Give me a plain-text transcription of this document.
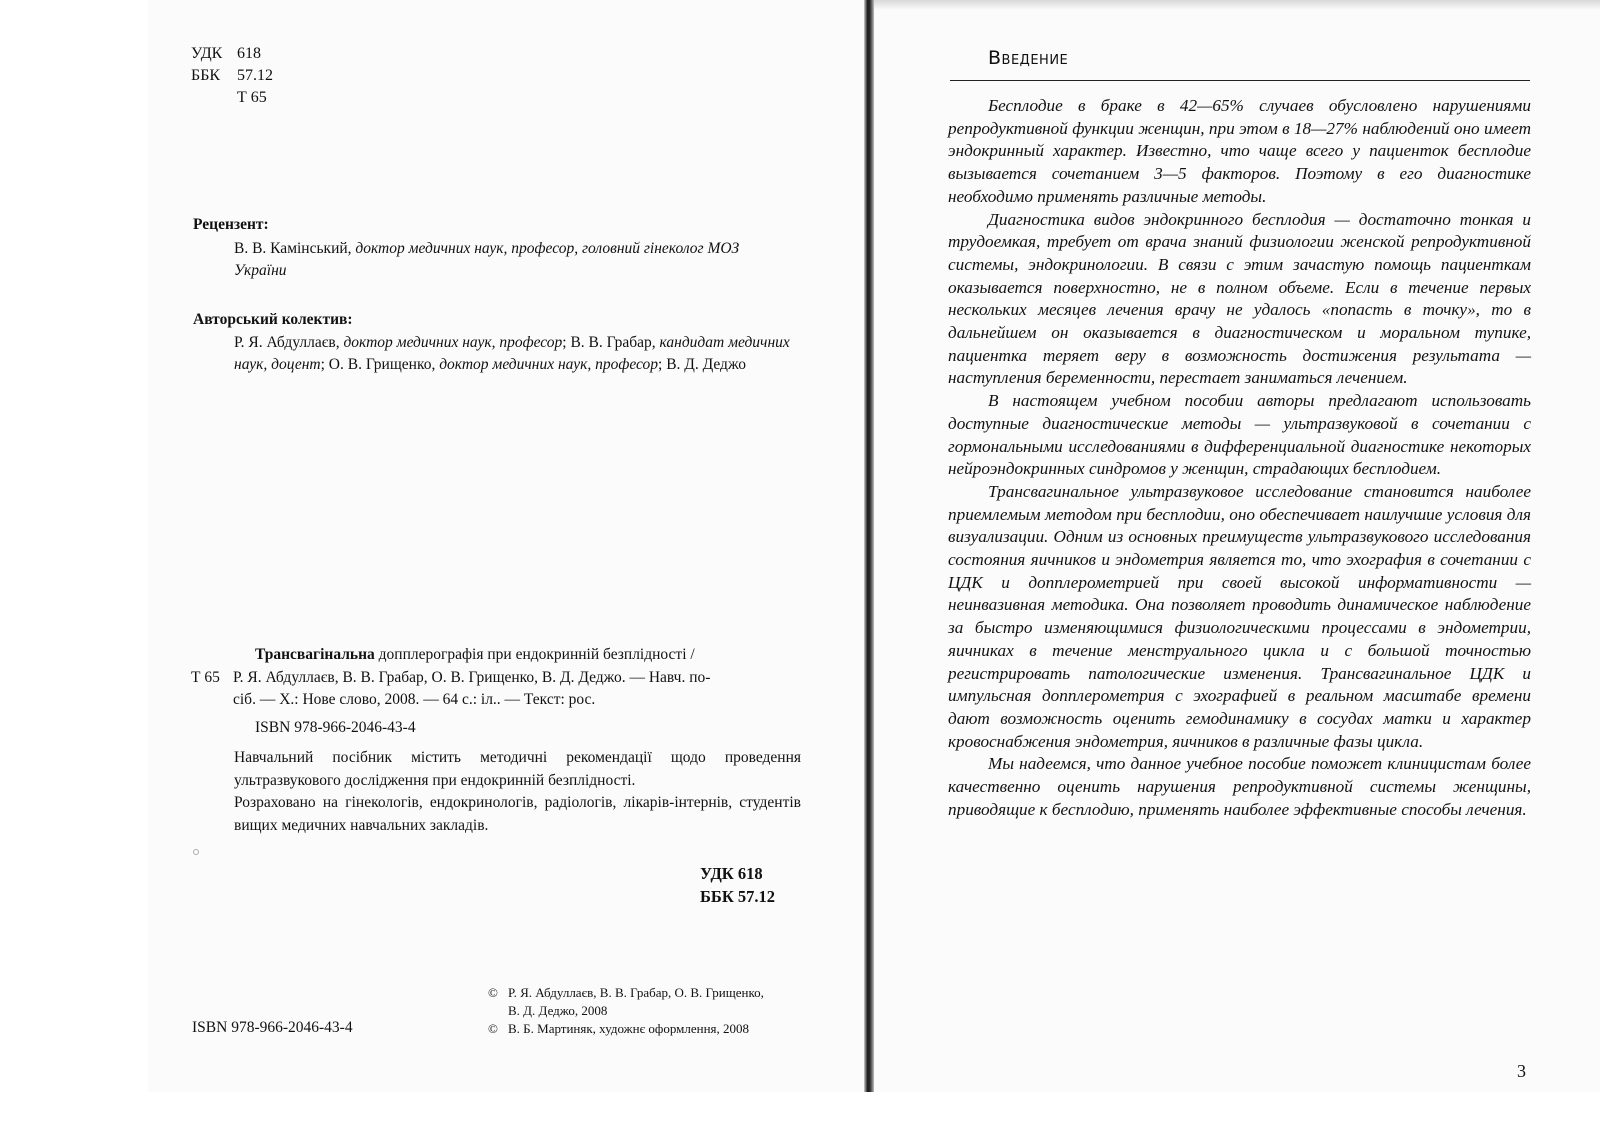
УДК 618
ББК 57.12
Т 65
Рецензент:
В. В. Камінський, доктор медичних наук, професор, головний гінеколог МОЗ України
Авторський колектив:
Р. Я. Абдуллаєв, доктор медичних наук, професор; В. В. Грабар, кандидат медичних наук, доцент; О. В. Грищенко, доктор медичних наук, професор; В. Д. Деджо
Трансвагінальна допплерографія при ендокринній безплідності /
Т 65 Р. Я. Абдуллаєв, В. В. Грабар, О. В. Грищенко, В. Д. Деджо. — Навч. по-
сіб. — Х.: Нове слово, 2008. — 64 с.: іл.. — Текст: рос.
ISBN 978-966-2046-43-4

Навчальний посібник містить методичні рекомендації щодо проведення ультразвукового дослідження при ендокринній безплідності.

Розраховано на гінекологів, ендокринологів, радіологів, лікарів-інтернів, студентів вищих медичних навчальних закладів.

УДК 618
ББК 57.12
© Р. Я. Абдуллаєв, В. В. Грабар, О. В. Грищенко,
В. Д. Деджо, 2008
© В. Б. Мартиняк, художнє оформлення, 2008
ISBN 978-966-2046-43-4
Введение

Бесплодие в браке в 42—65% случаев обусловлено нарушениями репродуктивной функции женщин, при этом в 18—27% наблюдений оно имеет эндокринный характер. Известно, что чаще всего у пациенток бесплодие вызывается сочетанием 3—5 факторов. Поэтому в его диагностике необходимо применять различные методы.

Диагностика видов эндокринного бесплодия — достаточно тонкая и трудоемкая, требует от врача знаний физиологии женской репродуктивной системы, эндокринологии. В связи с этим зачастую помощь пациенткам оказывается поверхностно, не в полном объеме. Если в течение первых нескольких месяцев лечения врачу не удалось «попасть в точку», то в дальнейшем он оказывается в диагностическом и моральном тупике, пациентка теряет веру в возможность достижения результата — наступления беременности, перестает заниматься лечением.

В настоящем учебном пособии авторы предлагают использовать доступные диагностические методы — ультразвуковой в сочетании с гормональными исследованиями в дифференциальной диагностике некоторых нейроэндокринных синдромов у женщин, страдающих бесплодием.

Трансвагинальное ультразвуковое исследование становится наиболее приемлемым методом при бесплодии, оно обеспечивает наилучшие условия для визуализации. Одним из основных преимуществ ультразвукового исследования состояния яичников и эндометрия является то, что эхография в сочетании с ЦДК и допплерометрией при своей высокой информативности — неинвазивная методика. Она позволяет проводить динамическое наблюдение за быстро изменяющимися физиологическими процессами в эндометрии, яичниках в течение менструального цикла и с большой точностью регистрировать патологические изменения. Трансвагинальное ЦДК и импульсная допплерометрия с эхографией в реальном масштабе времени дают возможность оценить гемодинамику в сосудах матки и характер кровоснабжения эндометрия, яичников в различные фазы цикла.

Мы надеемся, что данное учебное пособие поможет клиницистам более качественно оценить нарушения репродуктивной системы женщины, приводящие к бесплодию, применять наиболее эффективные способы лечения.

3
